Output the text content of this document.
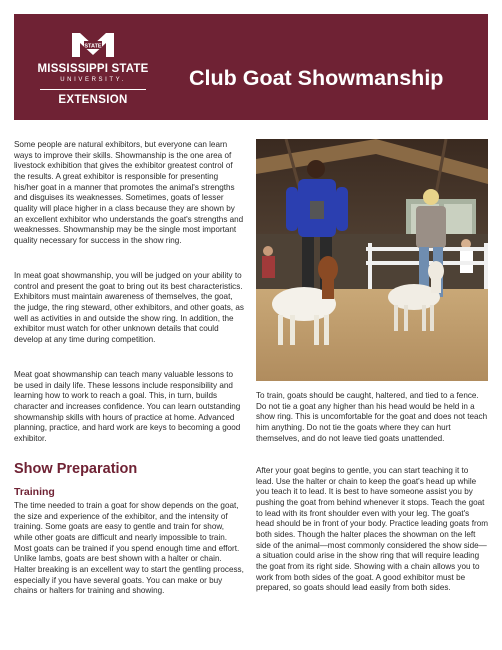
STATE
MISSISSIPPI STATE
UNIVERSITY.
EXTENSION
Club Goat Showmanship

Some people are natural exhibitors, but everyone can learn ways to improve their skills. Showmanship is the one area of livestock exhibition that gives the exhibitor greatest control of the results. A great exhibitor is responsible for presenting his/her goat in a manner that promotes the animal's strengths and disguises its weaknesses. Sometimes, goats of lesser quality will place higher in a class because they are shown by an excellent exhibitor who understands the goat's strengths and weaknesses. Showmanship may be the single most important quality necessary for success in the show ring.

In meat goat showmanship, you will be judged on your ability to control and present the goat to bring out its best characteristics. Exhibitors must maintain awareness of themselves, the goat, the judge, the ring steward, other exhibitors, and other goats, as well as activities in and outside the show ring. In addition, the exhibitor must watch for other unknown details that could develop at any time during competition.

Meat goat showmanship can teach many valuable lessons to be used in daily life. These lessons include responsibility and learning how to work to reach a goal. This, in turn, builds character and increases confidence. You can learn outstanding showmanship skills with hours of practice at home. Advanced planning, practice, and hard work are keys to becoming a good exhibitor.

Show Preparation
Training

The time needed to train a goat for show depends on the goat, the size and experience of the exhibitor, and the intensity of training. Some goats are easy to gentle and train for show, while other goats are difficult and nearly impossible to train. Most goats can be trained if you spend enough time and effort. Unlike lambs, goats are best shown with a halter or chain. Halter breaking is an excellent way to start the gentling process, especially if you have several goats. You can make or buy chains or halters for training and showing.

To train, goats should be caught, haltered, and tied to a fence. Do not tie a goat any higher than his head would be held in a show ring. This is uncomfortable for the goat and does not teach him anything. Do not tie the goats where they can hurt themselves, and do not leave tied goats unattended.

After your goat begins to gentle, you can start teaching it to lead. Use the halter or chain to keep the goat's head up while you teach it to lead. It is best to have someone assist you by pushing the goat from behind whenever it stops. Teach the goat to lead with its front shoulder even with your leg. The goat's head should be in front of your body. Practice leading goats from both sides. Though the halter places the showman on the left side of the animal—most commonly considered the show side—a situation could arise in the show ring that will require leading the goat from its right side. Showing with a chain allows you to work from both sides of the goat. A good exhibitor must be prepared, so goats should lead easily from both sides.
